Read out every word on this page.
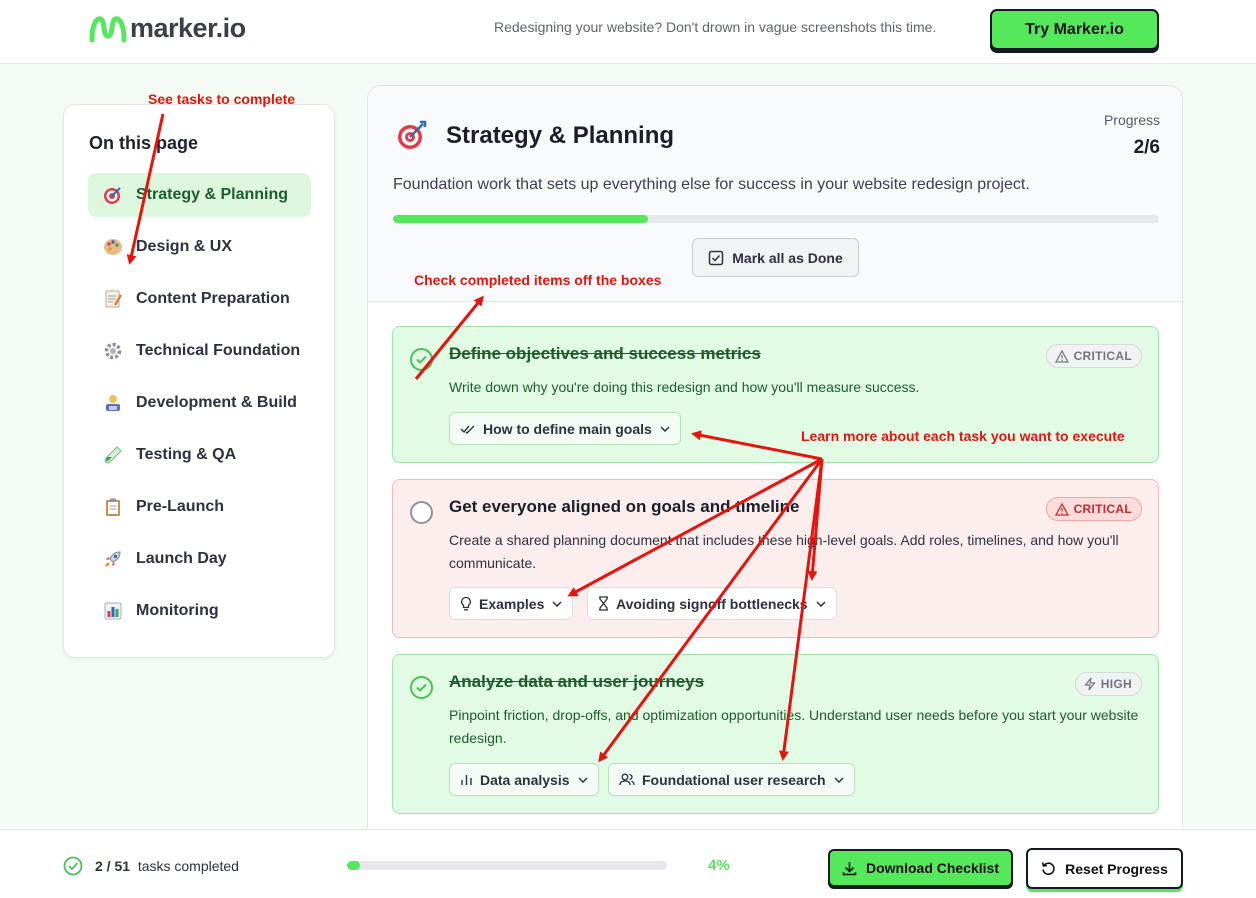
marker.io	Redesigning your website? Don't drown in vague screenshots this time.	Try Marker.io
On this page
Strategy & Planning
Design & UX
Content Preparation
Technical Foundation
Development & Build
Testing & QA
Pre-Launch
Launch Day
Monitoring
Strategy & Planning
Progress
2/6
Foundation work that sets up everything else for success in your website redesign project.
Mark all as Done
Define objectives and success metrics	CRITICAL
Write down why you're doing this redesign and how you'll measure success.
How to define main goals
Get everyone aligned on goals and timeline	CRITICAL
Create a shared planning document that includes these high-level goals. Add roles, timelines, and how you'll communicate.
Examples	Avoiding signoff bottlenecks
Analyze data and user journeys	HIGH
Pinpoint friction, drop-offs, and optimization opportunities. Understand user needs before you start your website redesign.
Data analysis	Foundational user research
See tasks to complete
Check completed items off the boxes
Learn more about each task you want to execute
2 / 51 tasks completed	4%	Download Checklist	Reset Progress
